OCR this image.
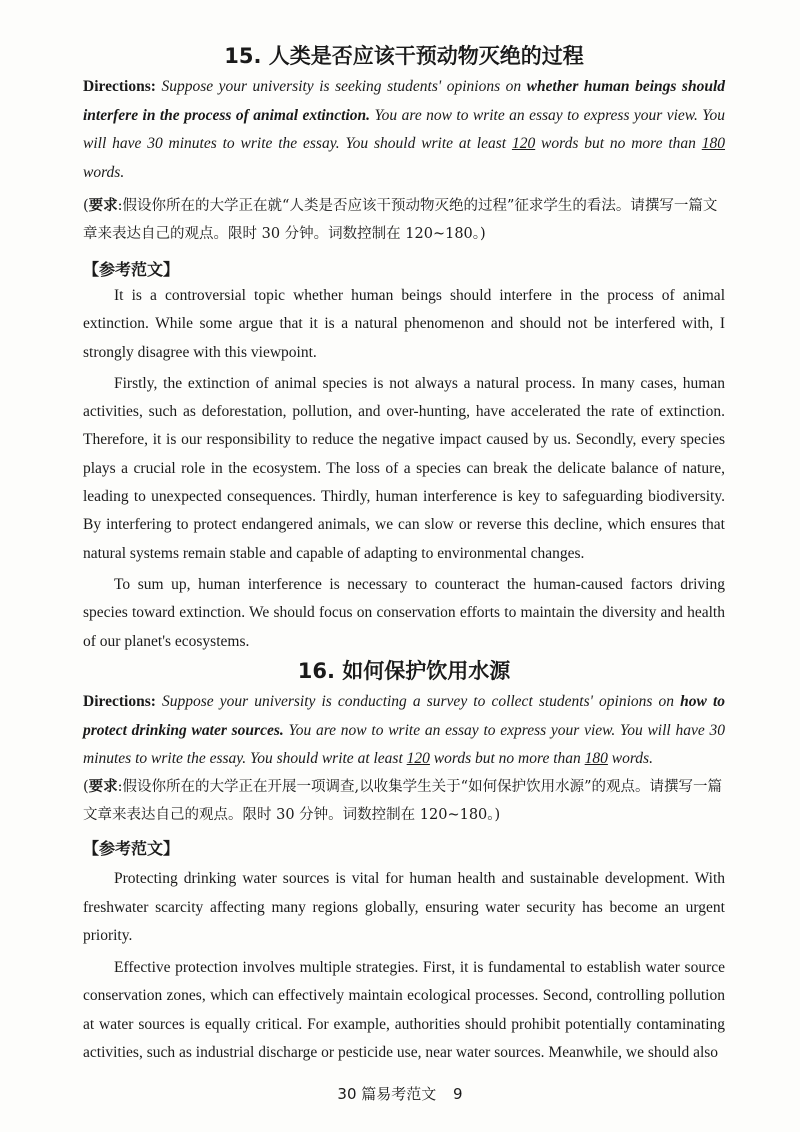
15. 人类是否应该干预动物灭绝的过程
Directions: Suppose your university is seeking students' opinions on whether human beings should interfere in the process of animal extinction. You are now to write an essay to express your view. You will have 30 minutes to write the essay. You should write at least 120 words but no more than 180 words.
(要求:假设你所在的大学正在就“人类是否应该干预动物灭绝的过程”征求学生的看法。请撰写一篇文章来表达自己的观点。限时 30 分钟。词数控制在 120~180。)
【参考范文】

It is a controversial topic whether human beings should interfere in the process of animal extinction. While some argue that it is a natural phenomenon and should not be interfered with, I strongly disagree with this viewpoint.

Firstly, the extinction of animal species is not always a natural process. In many cases, human activities, such as deforestation, pollution, and over-hunting, have accelerated the rate of extinction. Therefore, it is our responsibility to reduce the negative impact caused by us. Secondly, every species plays a crucial role in the ecosystem. The loss of a species can break the delicate balance of nature, leading to unexpected consequences. Thirdly, human interference is key to safeguarding biodiversity. By interfering to protect endangered animals, we can slow or reverse this decline, which ensures that natural systems remain stable and capable of adapting to environmental changes.

To sum up, human interference is necessary to counteract the human-caused factors driving species toward extinction. We should focus on conservation efforts to maintain the diversity and health of our planet's ecosystems.

16. 如何保护饮用水源
Directions: Suppose your university is conducting a survey to collect students' opinions on how to protect drinking water sources. You are now to write an essay to express your view. You will have 30 minutes to write the essay. You should write at least 120 words but no more than 180 words.
(要求:假设你所在的大学正在开展一项调查,以收集学生关于“如何保护饮用水源”的观点。请撰写一篇文章来表达自己的观点。限时 30 分钟。词数控制在 120~180。)
【参考范文】

Protecting drinking water sources is vital for human health and sustainable development. With freshwater scarcity affecting many regions globally, ensuring water security has become an urgent priority.

Effective protection involves multiple strategies. First, it is fundamental to establish water source conservation zones, which can effectively maintain ecological processes. Second, controlling pollution at water sources is equally critical. For example, authorities should prohibit potentially contaminating activities, such as industrial discharge or pesticide use, near water sources. Meanwhile, we should also

30 篇易考范文 9
